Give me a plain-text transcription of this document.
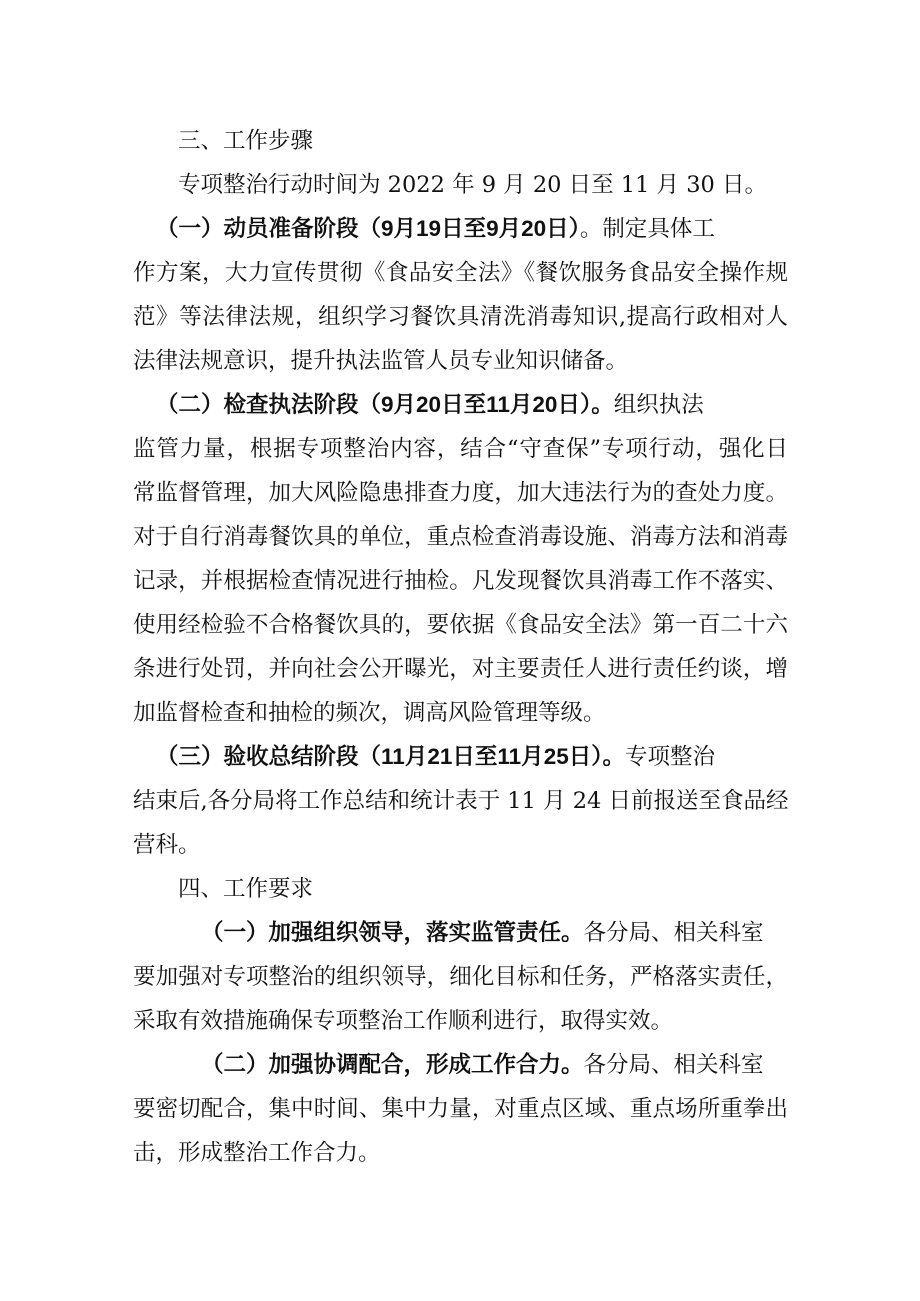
三、工作步骤
专项整治行动时间为 2022 年 9 月 20 日至 11 月 30 日。
（一）动员准备阶段（9月19日至9月20日）。制定具体工
作方案，大力宣传贯彻《食品安全法》《餐饮服务食品安全操作规
范》等法律法规，组织学习餐饮具清洗消毒知识,提高行政相对人
法律法规意识，提升执法监管人员专业知识储备。
（二）检查执法阶段（9月20日至11月20日）。组织执法
监管力量，根据专项整治内容，结合“守查保”专项行动，强化日
常监督管理，加大风险隐患排查力度，加大违法行为的查处力度。
对于自行消毒餐饮具的单位，重点检查消毒设施、消毒方法和消毒
记录，并根据检查情况进行抽检。凡发现餐饮具消毒工作不落实、
使用经检验不合格餐饮具的，要依据《食品安全法》第一百二十六
条进行处罚，并向社会公开曝光，对主要责任人进行责任约谈，增
加监督检查和抽检的频次，调高风险管理等级。
（三）验收总结阶段（11月21日至11月25日）。专项整治
结束后,各分局将工作总结和统计表于 11 月 24 日前报送至食品经
营科。
四、工作要求
（一）加强组织领导，落实监管责任。各分局、相关科室
要加强对专项整治的组织领导，细化目标和任务，严格落实责任，
采取有效措施确保专项整治工作顺利进行，取得实效。
（二）加强协调配合，形成工作合力。各分局、相关科室
要密切配合，集中时间、集中力量，对重点区域、重点场所重拳出
击，形成整治工作合力。
